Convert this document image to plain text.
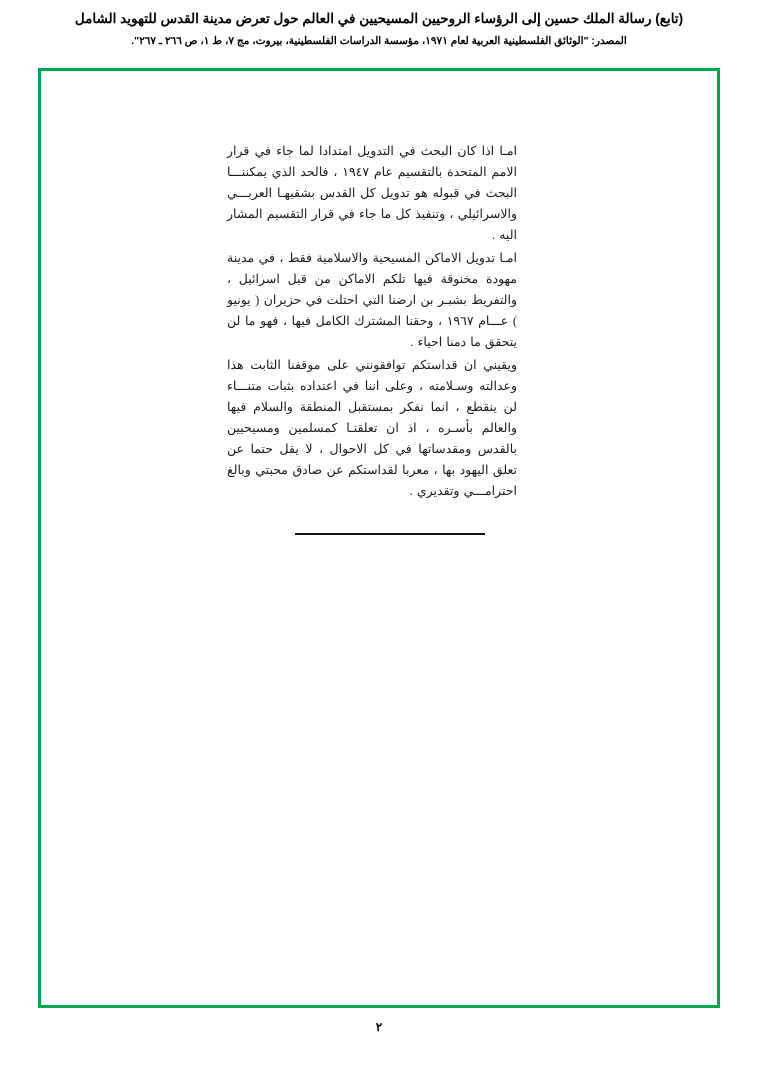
(تابع) رسالة الملك حسين إلى الرؤساء الروحيين المسيحيين في العالم حول تعرض مدينة القدس للتهويد الشامل
المصدر: "الوثائق الفلسطينية العربية لعام ١٩٧١، مؤسسة الدراسات الفلسطينية، بيروت، مج ٧، ط ١، ص ٢٦٦ ـ ٢٦٧".

امـا اذا كان البحث في التدويل امتدادا لما جاء في قرار الامم المتحدة بالتقسيم عام ١٩٤٧ ، فالحد الذي يمكننـــا البحث في قبوله هو تدويل كل القدس بشقيهـا العربـــي والاسرائيلي ، وتنفيذ كل ما جاء في قرار التقسيم المشار اليه .

امـا تدويل الاماكن المسيحية والاسلامية فقط ، في مدينة مهودة مخنوقة فيها تلكم الاماكن من قبل اسرائيل ، والتفريط بشبـر بن ارضنا التي احتلت في حزيران ( يونيو ) عـــام ١٩٦٧ ، وحقنا المشترك الكامل فيها ، فهو ما لن يتحقق ما دمنا احياء .

ويقيني ان قداستكم توافقونني على موقفنا الثابت هذا وعدالته وسـلامته ، وعلى اننا في اعتداده بثبات متنـــاء لن ينقطع ، انما نفكر بمستقبل المنطقة والسلام فيها والعالم بأسـره ، اذ ان تعلقنـا كمسلمين ومسيحيين بالقدس ومقدساتها في كل الاحوال ، لا يقل حتما عن تعلق اليهود بها ، معربا لقداستكم عن صادق محبتي وبالغ احترامـــي وتقديري .

٢
